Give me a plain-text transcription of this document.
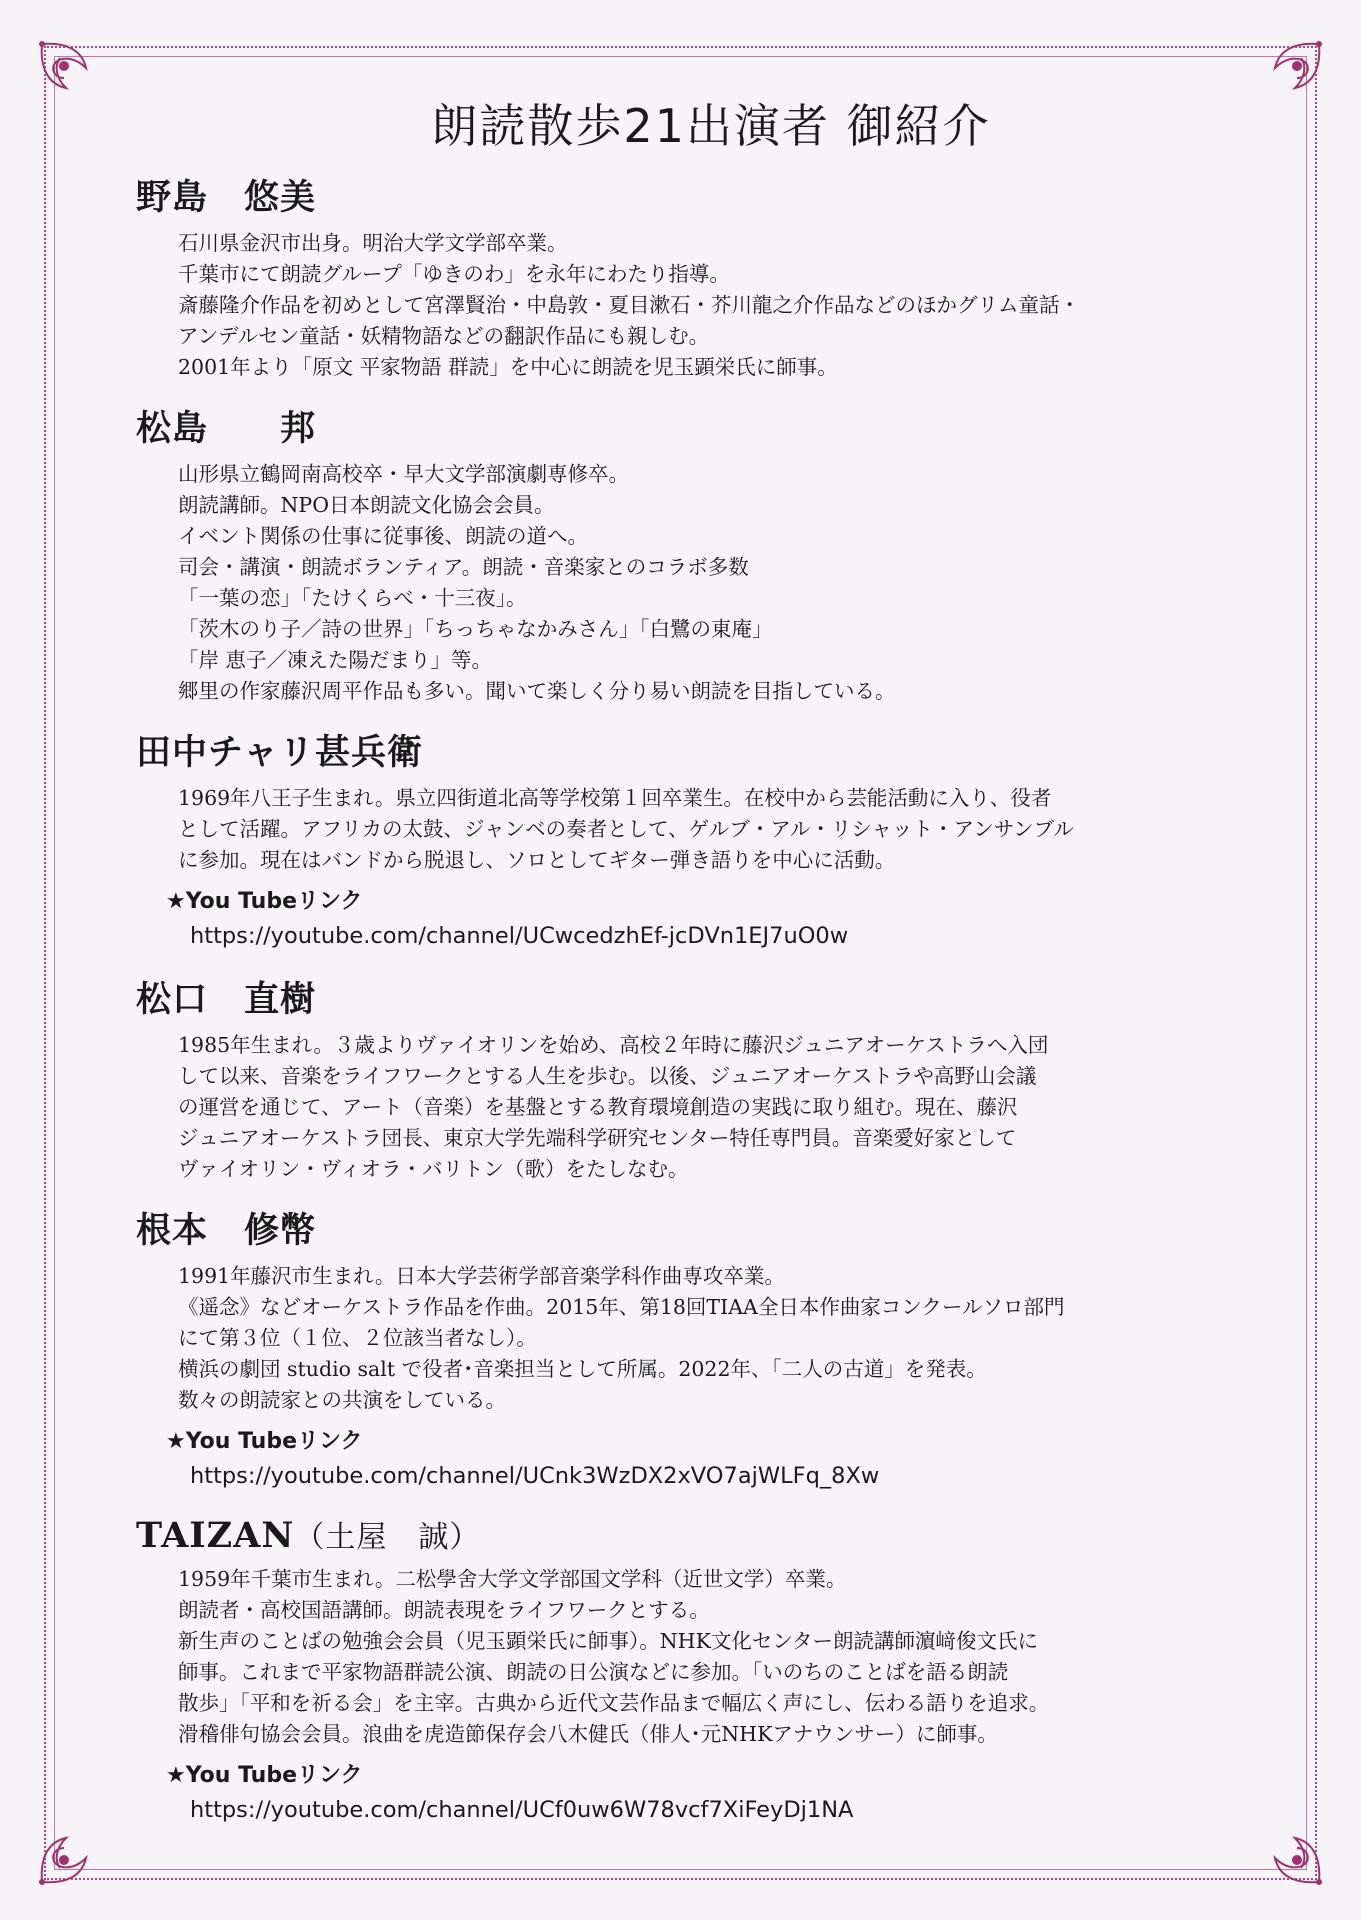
朗読散歩21出演者 御紹介
野島　悠美
石川県金沢市出身。明治大学文学部卒業。
千葉市にて朗読グループ「ゆきのわ」を永年にわたり指導。
斎藤隆介作品を初めとして宮澤賢治・中島敦・夏目漱石・芥川龍之介作品などのほかグリム童話・
アンデルセン童話・妖精物語などの翻訳作品にも親しむ。
2001年より「原文 平家物語 群読」を中心に朗読を児玉顕栄氏に師事。
松島　　邦
山形県立鶴岡南高校卒・早大文学部演劇専修卒。
朗読講師。NPO日本朗読文化協会会員。
イベント関係の仕事に従事後、朗読の道へ。
司会・講演・朗読ボランティア。朗読・音楽家とのコラボ多数
「一葉の恋」「たけくらべ・十三夜」。
「茨木のり子／詩の世界」「ちっちゃなかみさん」「白鷺の東庵」
「岸 恵子／凍えた陽だまり」等。
郷里の作家藤沢周平作品も多い。聞いて楽しく分り易い朗読を目指している。
田中チャリ甚兵衛
1969年八王子生まれ。県立四街道北高等学校第１回卒業生。在校中から芸能活動に入り、役者
として活躍。アフリカの太鼓、ジャンベの奏者として、ゲルブ・アル・リシャット・アンサンブル
に参加。現在はバンドから脱退し、ソロとしてギター弾き語りを中心に活動。
★You Tubeリンク
https://youtube.com/channel/UCwcedzhEf-jcDVn1EJ7uO0w
松口　直樹
1985年生まれ。３歳よりヴァイオリンを始め、高校２年時に藤沢ジュニアオーケストラへ入団
して以来、音楽をライフワークとする人生を歩む。以後、ジュニアオーケストラや高野山会議
の運営を通じて、アート（音楽）を基盤とする教育環境創造の実践に取り組む。現在、藤沢
ジュニアオーケストラ団長、東京大学先端科学研究センター特任専門員。音楽愛好家として
ヴァイオリン・ヴィオラ・バリトン（歌）をたしなむ。
根本　修幣
1991年藤沢市生まれ。日本大学芸術学部音楽学科作曲専攻卒業。
《遥念》などオーケストラ作品を作曲。2015年、第18回TIAA全日本作曲家コンクールソロ部門
にて第３位（１位、２位該当者なし）。
横浜の劇団 studio salt で役者･音楽担当として所属。2022年、「二人の古道」を発表。
数々の朗読家との共演をしている。
★You Tubeリンク
https://youtube.com/channel/UCnk3WzDX2xVO7ajWLFq_8Xw
TAIZAN（土屋　誠）
1959年千葉市生まれ。二松學舍大学文学部国文学科（近世文学）卒業。
朗読者・高校国語講師。朗読表現をライフワークとする。
新生声のことばの勉強会会員（児玉顕栄氏に師事）。NHK文化センター朗読講師濵﨑俊文氏に
師事。これまで平家物語群読公演、朗読の日公演などに参加。「いのちのことばを語る朗読
散歩」「平和を祈る会」を主宰。古典から近代文芸作品まで幅広く声にし、伝わる語りを追求。
滑稽俳句協会会員。浪曲を虎造節保存会八木健氏（俳人･元NHKアナウンサー）に師事。
★You Tubeリンク
https://youtube.com/channel/UCf0uw6W78vcf7XiFeyDj1NA
